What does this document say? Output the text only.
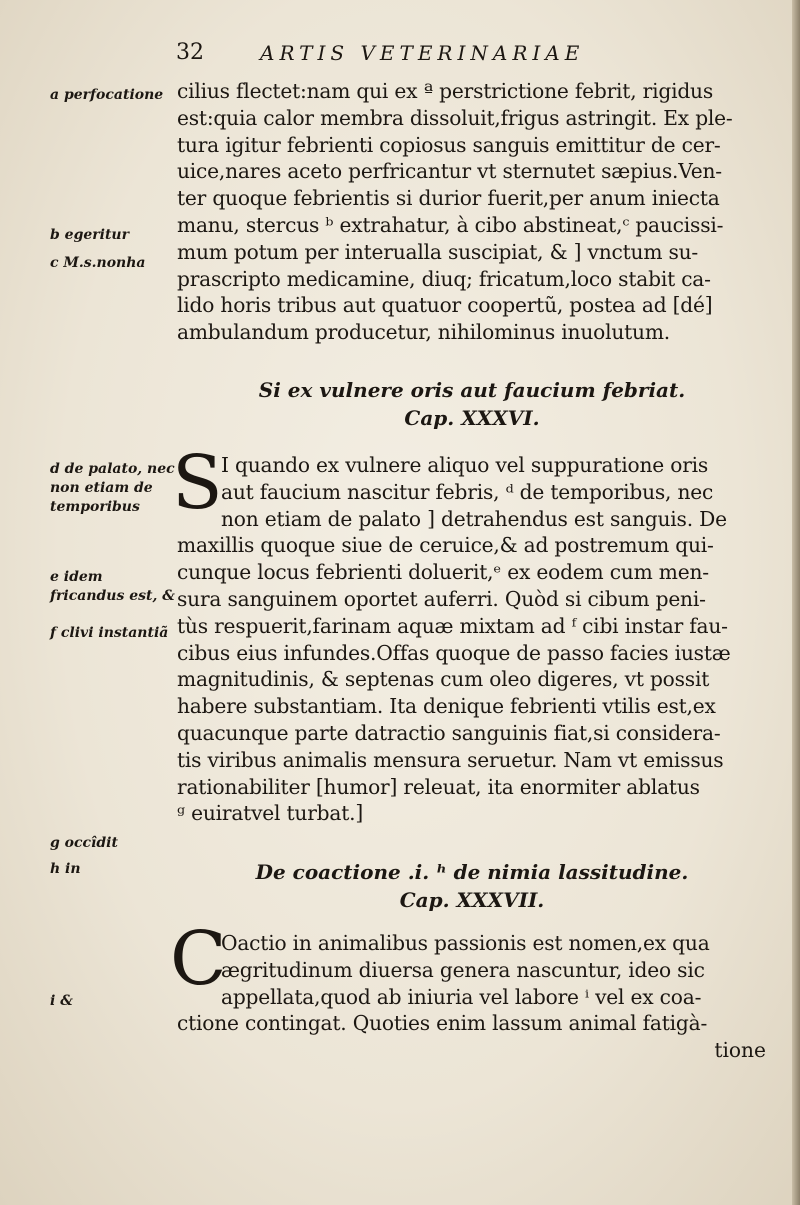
32	ARTIS VETERINARIAE
a perfocatione
b egeritur
c M.s.nonha
d de palato, nec non etiam de temporibus
e idem fricandus est, &
f clivi instantiã
g occîdit
h in
i &
cilius flectet:nam qui ex ª perstrictione febrit, rigidus
est:quia calor membra dissoluit,frigus astringit. Ex ple-
tura igitur febrienti copiosus sanguis emittitur de cer-
uice,nares aceto perfricantur vt sternutet sæpius.Ven-
ter quoque febrientis si durior fuerit,per anum iniecta
manu, stercus ᵇ extrahatur, à cibo abstineat,ᶜ paucissi-
mum potum per interualla suscipiat, & ] vnctum su-
prascripto medicamine, diuq; fricatum,loco stabit ca-
lido horis tribus aut quatuor coopertũ, postea ad [dé]
ambulandum producetur, nihilominus inuolutum.
Si ex vulnere oris aut faucium febriat.
Cap. XXXVI.
S
I quando ex vulnere aliquo vel suppuratione oris
aut faucium nascitur febris, ᵈ de temporibus, nec
non etiam de palato ] detrahendus est sanguis. De
maxillis quoque siue de ceruice,& ad postremum qui-
cunque locus febrienti doluerit,ᵉ ex eodem cum men-
sura sanguinem oportet auferri. Quòd si cibum peni-
tùs respuerit,farinam aquæ mixtam ad ᶠ cibi instar fau-
cibus eius infundes.Offas quoque de passo facies iustæ
magnitudinis, & septenas cum oleo digeres, vt possit
habere substantiam. Ita denique febrienti vtilis est,ex
quacunque parte datractio sanguinis fiat,si considera-
tis viribus animalis mensura seruetur. Nam vt emissus
rationabiliter [humor] releuat, ita enormiter ablatus
ᵍ euiratvel turbat.]
De coactione .i. ʰ de nimia lassitudine.
Cap. XXXVII.
C
Oactio in animalibus passionis est nomen,ex qua
ægritudinum diuersa genera nascuntur, ideo sic
appellata,quod ab iniuria vel labore ⁱ vel ex coa-
ctione contingat. Quoties enim lassum animal fatigà-
tione
